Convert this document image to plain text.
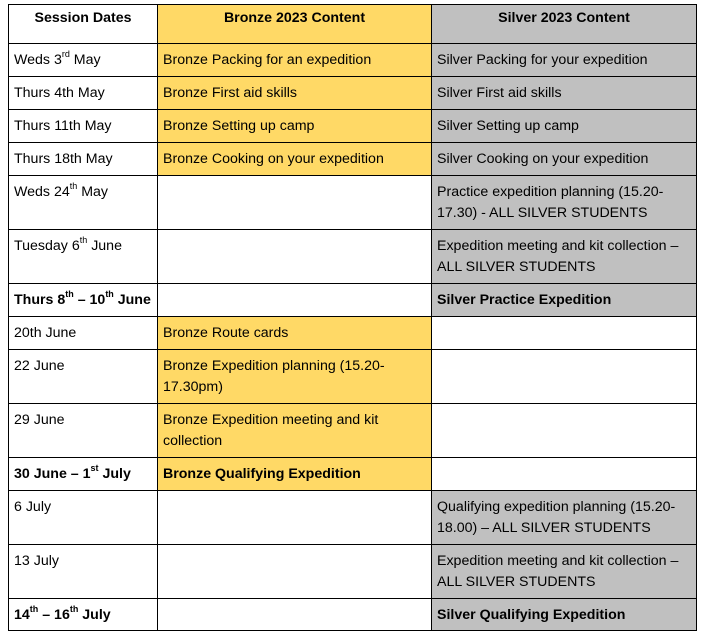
Session Dates	Bronze 2023 Content	Silver 2023 Content
Weds 3rd May	Bronze Packing for an expedition	Silver Packing for your expedition
Thurs 4th May	Bronze First aid skills	Silver First aid skills
Thurs 11th May	Bronze Setting up camp	Silver Setting up camp
Thurs 18th May	Bronze Cooking on your expedition	Silver Cooking on your expedition
Weds 24th May		Practice expedition planning (15.20-17.30) - ALL SILVER STUDENTS
Tuesday 6th June		Expedition meeting and kit collection – ALL SILVER STUDENTS
Thurs 8th – 10th June		Silver Practice Expedition
20th June	Bronze Route cards	
22 June	Bronze Expedition planning (15.20-17.30pm)	
29 June	Bronze Expedition meeting and kit collection	
30 June – 1st July	Bronze Qualifying Expedition	
6 July		Qualifying expedition planning (15.20-18.00) – ALL SILVER STUDENTS
13 July		Expedition meeting and kit collection – ALL SILVER STUDENTS
14th – 16th July		Silver Qualifying Expedition
